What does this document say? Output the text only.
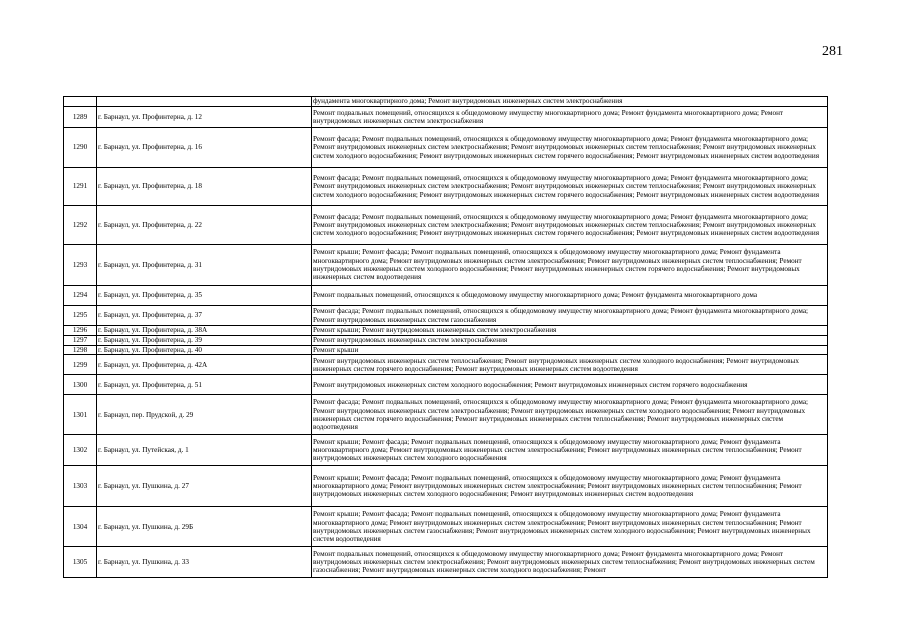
281
		фундамента многоквартирного дома; Ремонт внутридомовых инженерных систем электроснабжения
1289	г. Барнаул, ул. Профинтерна, д. 12	Ремонт подвальных помещений, относящихся к общедомовому имуществу многоквартирного дома; Ремонт фундамента многоквартирного дома; Ремонт внутридомовых инженерных систем электроснабжения
1290	г. Барнаул, ул. Профинтерна, д. 16	Ремонт фасада; Ремонт подвальных помещений, относящихся к общедомовому имуществу многоквартирного дома; Ремонт фундамента многоквартирного дома; Ремонт внутридомовых инженерных систем электроснабжения; Ремонт внутридомовых инженерных систем теплоснабжения; Ремонт внутридомовых инженерных систем холодного водоснабжения; Ремонт внутридомовых инженерных систем горячего водоснабжения; Ремонт внутридомовых инженерных систем водоотведения
1291	г. Барнаул, ул. Профинтерна, д. 18	Ремонт фасада; Ремонт подвальных помещений, относящихся к общедомовому имуществу многоквартирного дома; Ремонт фундамента многоквартирного дома; Ремонт внутридомовых инженерных систем электроснабжения; Ремонт внутридомовых инженерных систем теплоснабжения; Ремонт внутридомовых инженерных систем холодного водоснабжения; Ремонт внутридомовых инженерных систем горячего водоснабжения; Ремонт внутридомовых инженерных систем водоотведения
1292	г. Барнаул, ул. Профинтерна, д. 22	Ремонт фасада; Ремонт подвальных помещений, относящихся к общедомовому имуществу многоквартирного дома; Ремонт фундамента многоквартирного дома; Ремонт внутридомовых инженерных систем электроснабжения; Ремонт внутридомовых инженерных систем теплоснабжения; Ремонт внутридомовых инженерных систем холодного водоснабжения; Ремонт внутридомовых инженерных систем горячего водоснабжения; Ремонт внутридомовых инженерных систем водоотведения
1293	г. Барнаул, ул. Профинтерна, д. 31	Ремонт крыши; Ремонт фасада; Ремонт подвальных помещений, относящихся к общедомовому имуществу многоквартирного дома; Ремонт фундамента многоквартирного дома; Ремонт внутридомовых инженерных систем электроснабжения; Ремонт внутридомовых инженерных систем теплоснабжения; Ремонт внутридомовых инженерных систем холодного водоснабжения; Ремонт внутридомовых инженерных систем горячего водоснабжения; Ремонт внутридомовых инженерных систем водоотведения
1294	г. Барнаул, ул. Профинтерна, д. 35	Ремонт подвальных помещений, относящихся к общедомовому имуществу многоквартирного дома; Ремонт фундамента многоквартирного дома
1295	г. Барнаул, ул. Профинтерна, д. 37	Ремонт фасада; Ремонт подвальных помещений, относящихся к общедомовому имуществу многоквартирного дома; Ремонт фундамента многоквартирного дома; Ремонт внутридомовых инженерных систем газоснабжения
1296	г. Барнаул, ул. Профинтерна, д. 38А	Ремонт крыши; Ремонт внутридомовых инженерных систем электроснабжения
1297	г. Барнаул, ул. Профинтерна, д. 39	Ремонт внутридомовых инженерных систем электроснабжения
1298	г. Барнаул, ул. Профинтерна, д. 40	Ремонт крыши
1299	г. Барнаул, ул. Профинтерна, д. 42А	Ремонт внутридомовых инженерных систем теплоснабжения; Ремонт внутридомовых инженерных систем холодного водоснабжения; Ремонт внутридомовых инженерных систем горячего водоснабжения; Ремонт внутридомовых инженерных систем водоотведения
1300	г. Барнаул, ул. Профинтерна, д. 51	Ремонт внутридомовых инженерных систем холодного водоснабжения; Ремонт внутридомовых инженерных систем горячего водоснабжения
1301	г. Барнаул, пер. Прудской, д. 29	Ремонт фасада; Ремонт подвальных помещений, относящихся к общедомовому имуществу многоквартирного дома; Ремонт фундамента многоквартирного дома; Ремонт внутридомовых инженерных систем электроснабжения; Ремонт внутридомовых инженерных систем холодного водоснабжения; Ремонт внутридомовых инженерных систем горячего водоснабжения; Ремонт внутридомовых инженерных систем теплоснабжения; Ремонт внутридомовых инженерных систем водоотведения
1302	г. Барнаул, ул. Путейская, д. 1	Ремонт крыши; Ремонт фасада; Ремонт подвальных помещений, относящихся к общедомовому имуществу многоквартирного дома; Ремонт фундамента многоквартирного дома; Ремонт внутридомовых инженерных систем электроснабжения; Ремонт внутридомовых инженерных систем теплоснабжения; Ремонт внутридомовых инженерных систем холодного водоснабжения
1303	г. Барнаул, ул. Пушкина, д. 27	Ремонт крыши; Ремонт фасада; Ремонт подвальных помещений, относящихся к общедомовому имуществу многоквартирного дома; Ремонт фундамента многоквартирного дома; Ремонт внутридомовых инженерных систем электроснабжения; Ремонт внутридомовых инженерных систем теплоснабжения; Ремонт внутридомовых инженерных систем холодного водоснабжения; Ремонт внутридомовых инженерных систем водоотведения
1304	г. Барнаул, ул. Пушкина, д. 29Б	Ремонт крыши; Ремонт фасада; Ремонт подвальных помещений, относящихся к общедомовому имуществу многоквартирного дома; Ремонт фундамента многоквартирного дома; Ремонт внутридомовых инженерных систем электроснабжения; Ремонт внутридомовых инженерных систем теплоснабжения; Ремонт внутридомовых инженерных систем газоснабжения; Ремонт внутридомовых инженерных систем холодного водоснабжения; Ремонт внутридомовых инженерных систем водоотведения
1305	г. Барнаул, ул. Пушкина, д. 33	Ремонт подвальных помещений, относящихся к общедомовому имуществу многоквартирного дома; Ремонт фундамента многоквартирного дома; Ремонт внутридомовых инженерных систем электроснабжения; Ремонт внутридомовых инженерных систем теплоснабжения; Ремонт внутридомовых инженерных систем газоснабжения; Ремонт внутридомовых инженерных систем холодного водоснабжения; Ремонт
